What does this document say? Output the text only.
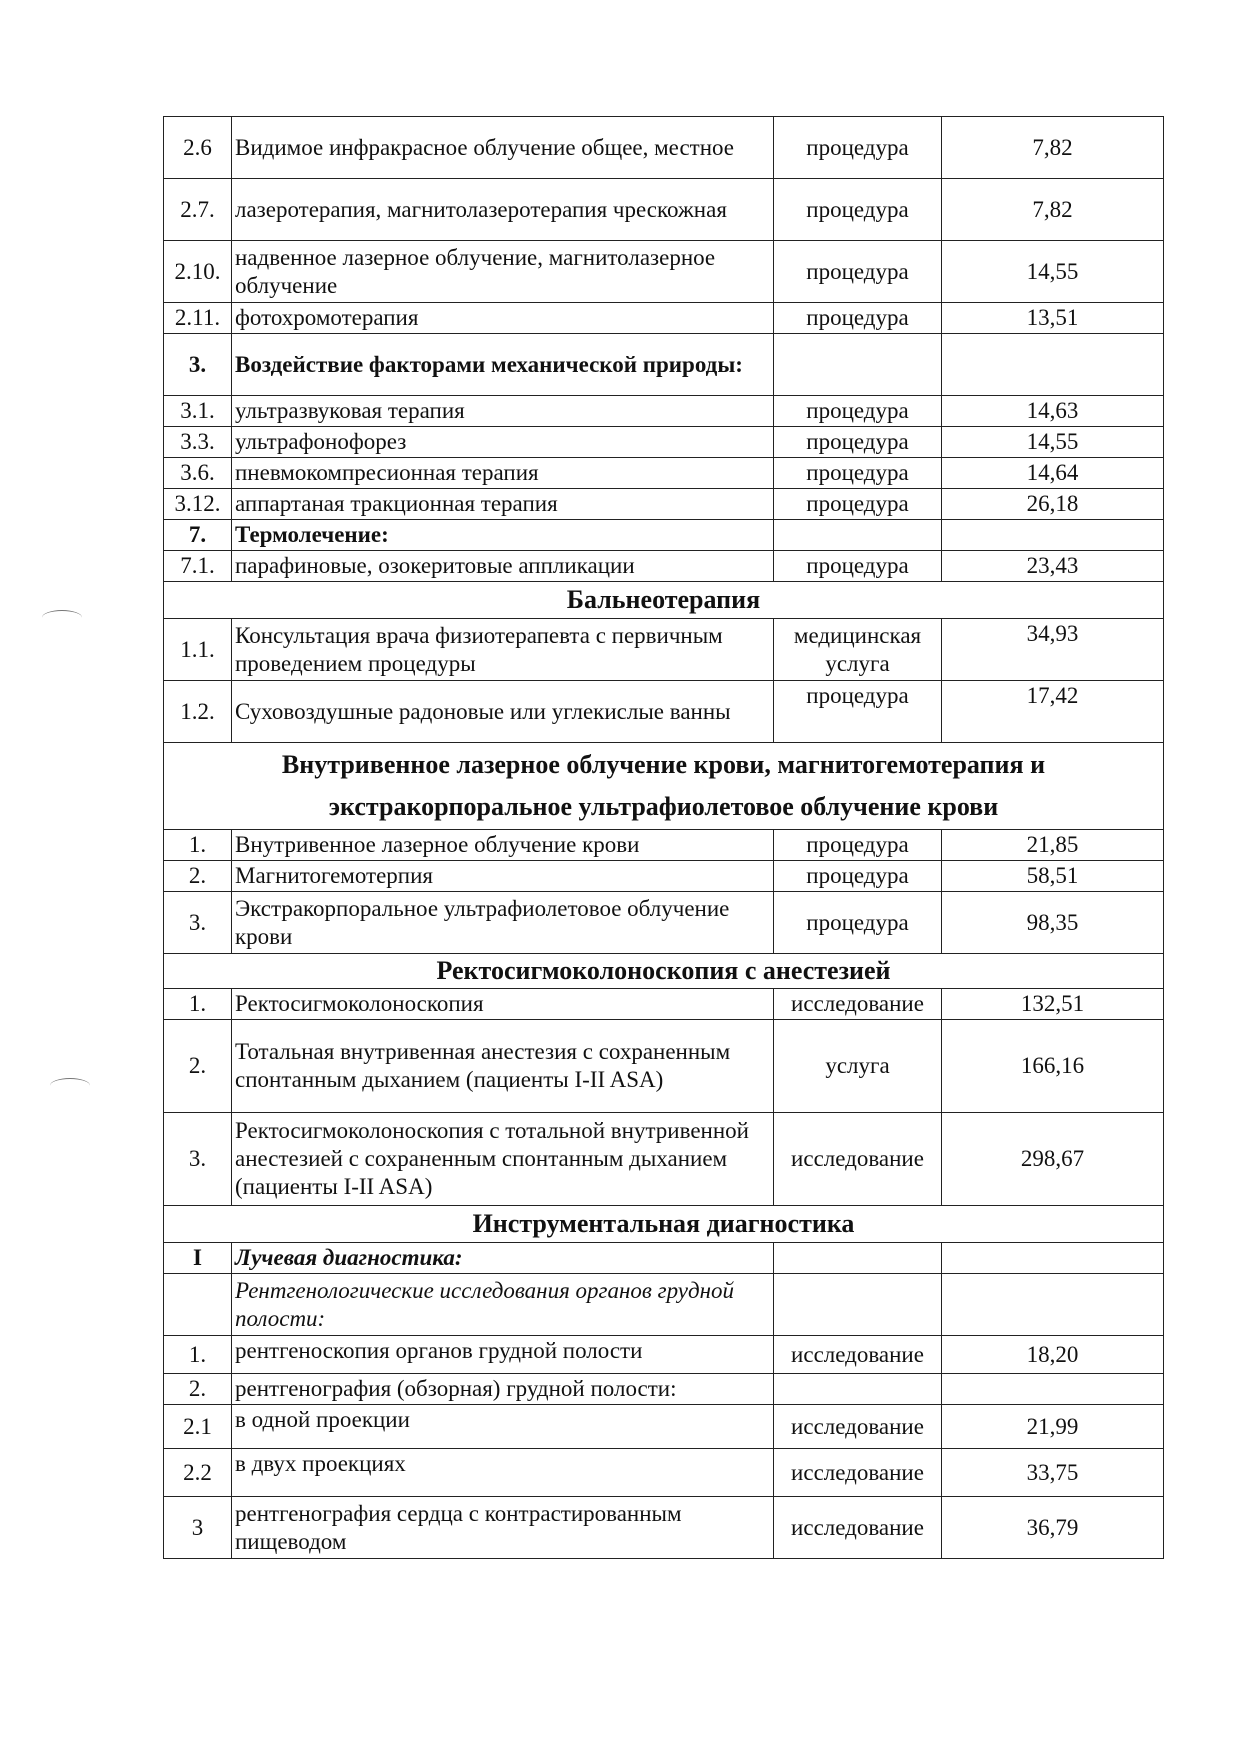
2.6	Видимое инфракрасное облучение общее, местное	процедура	7,82
2.7.	лазеротерапия, магнитолазеротерапия чрескожная	процедура	7,82
2.10.	надвенное лазерное облучение, магнитолазерное облучение	процедура	14,55
2.11.	фотохромотерапия	процедура	13,51
3.	Воздействие факторами механической природы:		
3.1.	ультразвуковая терапия	процедура	14,63
3.3.	ультрафонофорез	процедура	14,55
3.6.	пневмокомпресионная терапия	процедура	14,64
3.12.	аппартаная тракционная терапия	процедура	26,18
7.	Термолечение:		
7.1.	парафиновые, озокеритовые аппликации	процедура	23,43
Бальнеотерапия			
1.1.	Консультация врача физиотерапевта с первичным проведением процедуры	медицинская услуга	34,93
1.2.	Суховоздушные радоновые или углекислые ванны	процедура	17,42
Внутривенное лазерное облучение крови, магнитогемотерапия и экстракорпоральное ультрафиолетовое облучение крови			
1.	Внутривенное лазерное облучение крови	процедура	21,85
2.	Магнитогемотерпия	процедура	58,51
3.	Экстракорпоральное ультрафиолетовое облучение крови	процедура	98,35
Ректосигмоколоноскопия с анестезией			
1.	Ректосигмоколоноскопия	исследование	132,51
2.	Тотальная внутривенная анестезия с сохраненным спонтанным дыханием (пациенты I-II ASA)	услуга	166,16
3.	Ректосигмоколоноскопия с тотальной внутривенной анестезией с сохраненным спонтанным дыханием (пациенты I-II ASA)	исследование	298,67
Инструментальная диагностика			
I	Лучевая диагностика:		
	Рентгенологические исследования органов грудной полости:		
1.	рентгеноскопия органов грудной полости	исследование	18,20
2.	рентгенография (обзорная) грудной полости:		
2.1	в одной проекции	исследование	21,99
2.2	в двух проекциях	исследование	33,75
3	рентгенография сердца с контрастированным пищеводом	исследование	36,79
